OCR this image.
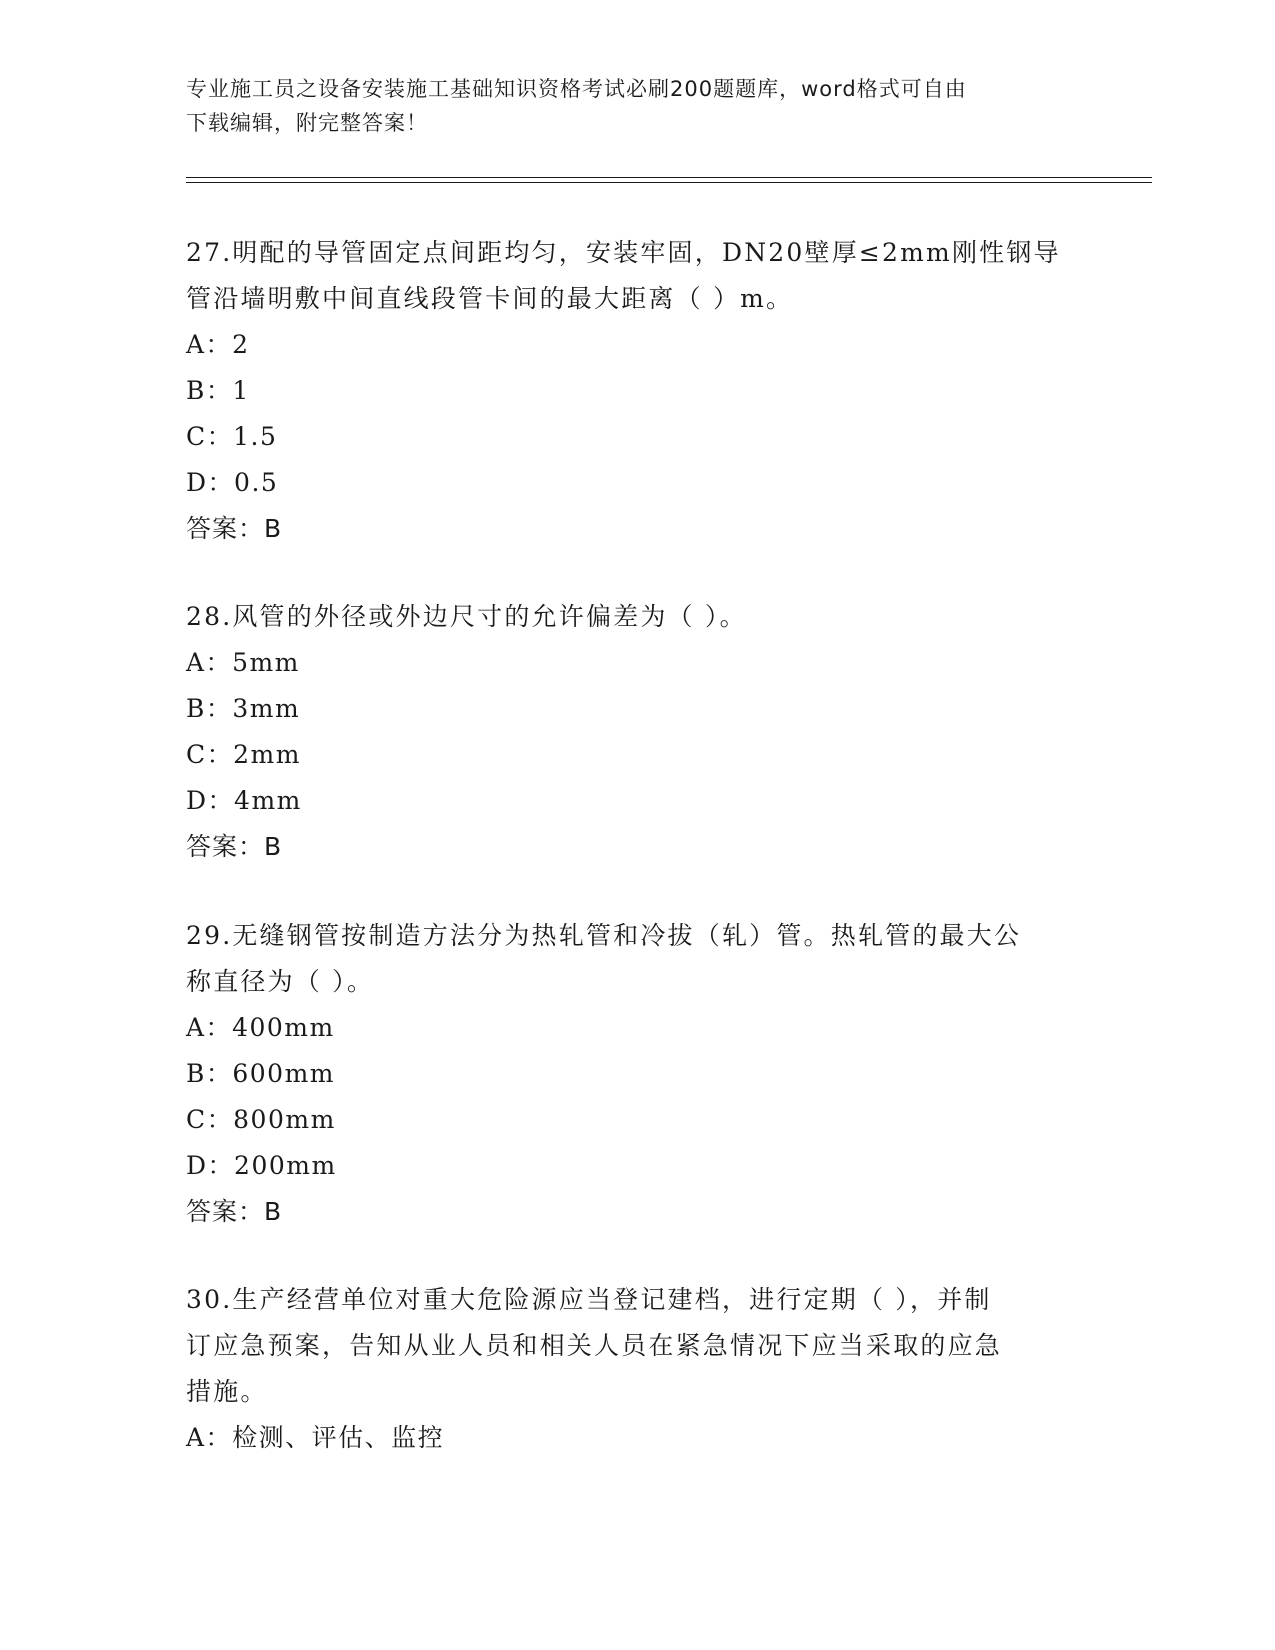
专业施工员之设备安装施工基础知识资格考试必刷200题题库，word格式可自由
下载编辑，附完整答案！

27.明配的导管固定点间距均匀，安装牢固，DN20壁厚≤2mm刚性钢导

管沿墙明敷中间直线段管卡间的最大距离（ ）m。

A： 2
B： 1
C： 1.5
D： 0.5

答案：B

28.风管的外径或外边尺寸的允许偏差为（ ）。

A： 5mm
B： 3mm
C： 2mm
D： 4mm

答案：B

29.无缝钢管按制造方法分为热轧管和冷拔（轧）管。热轧管的最大公

称直径为（ ）。

A： 400mm
B： 600mm
C： 800mm
D： 200mm

答案：B

30.生产经营单位对重大危险源应当登记建档，进行定期（ ），并制

订应急预案，告知从业人员和相关人员在紧急情况下应当采取的应急

措施。

A： 检测、评估、监控
